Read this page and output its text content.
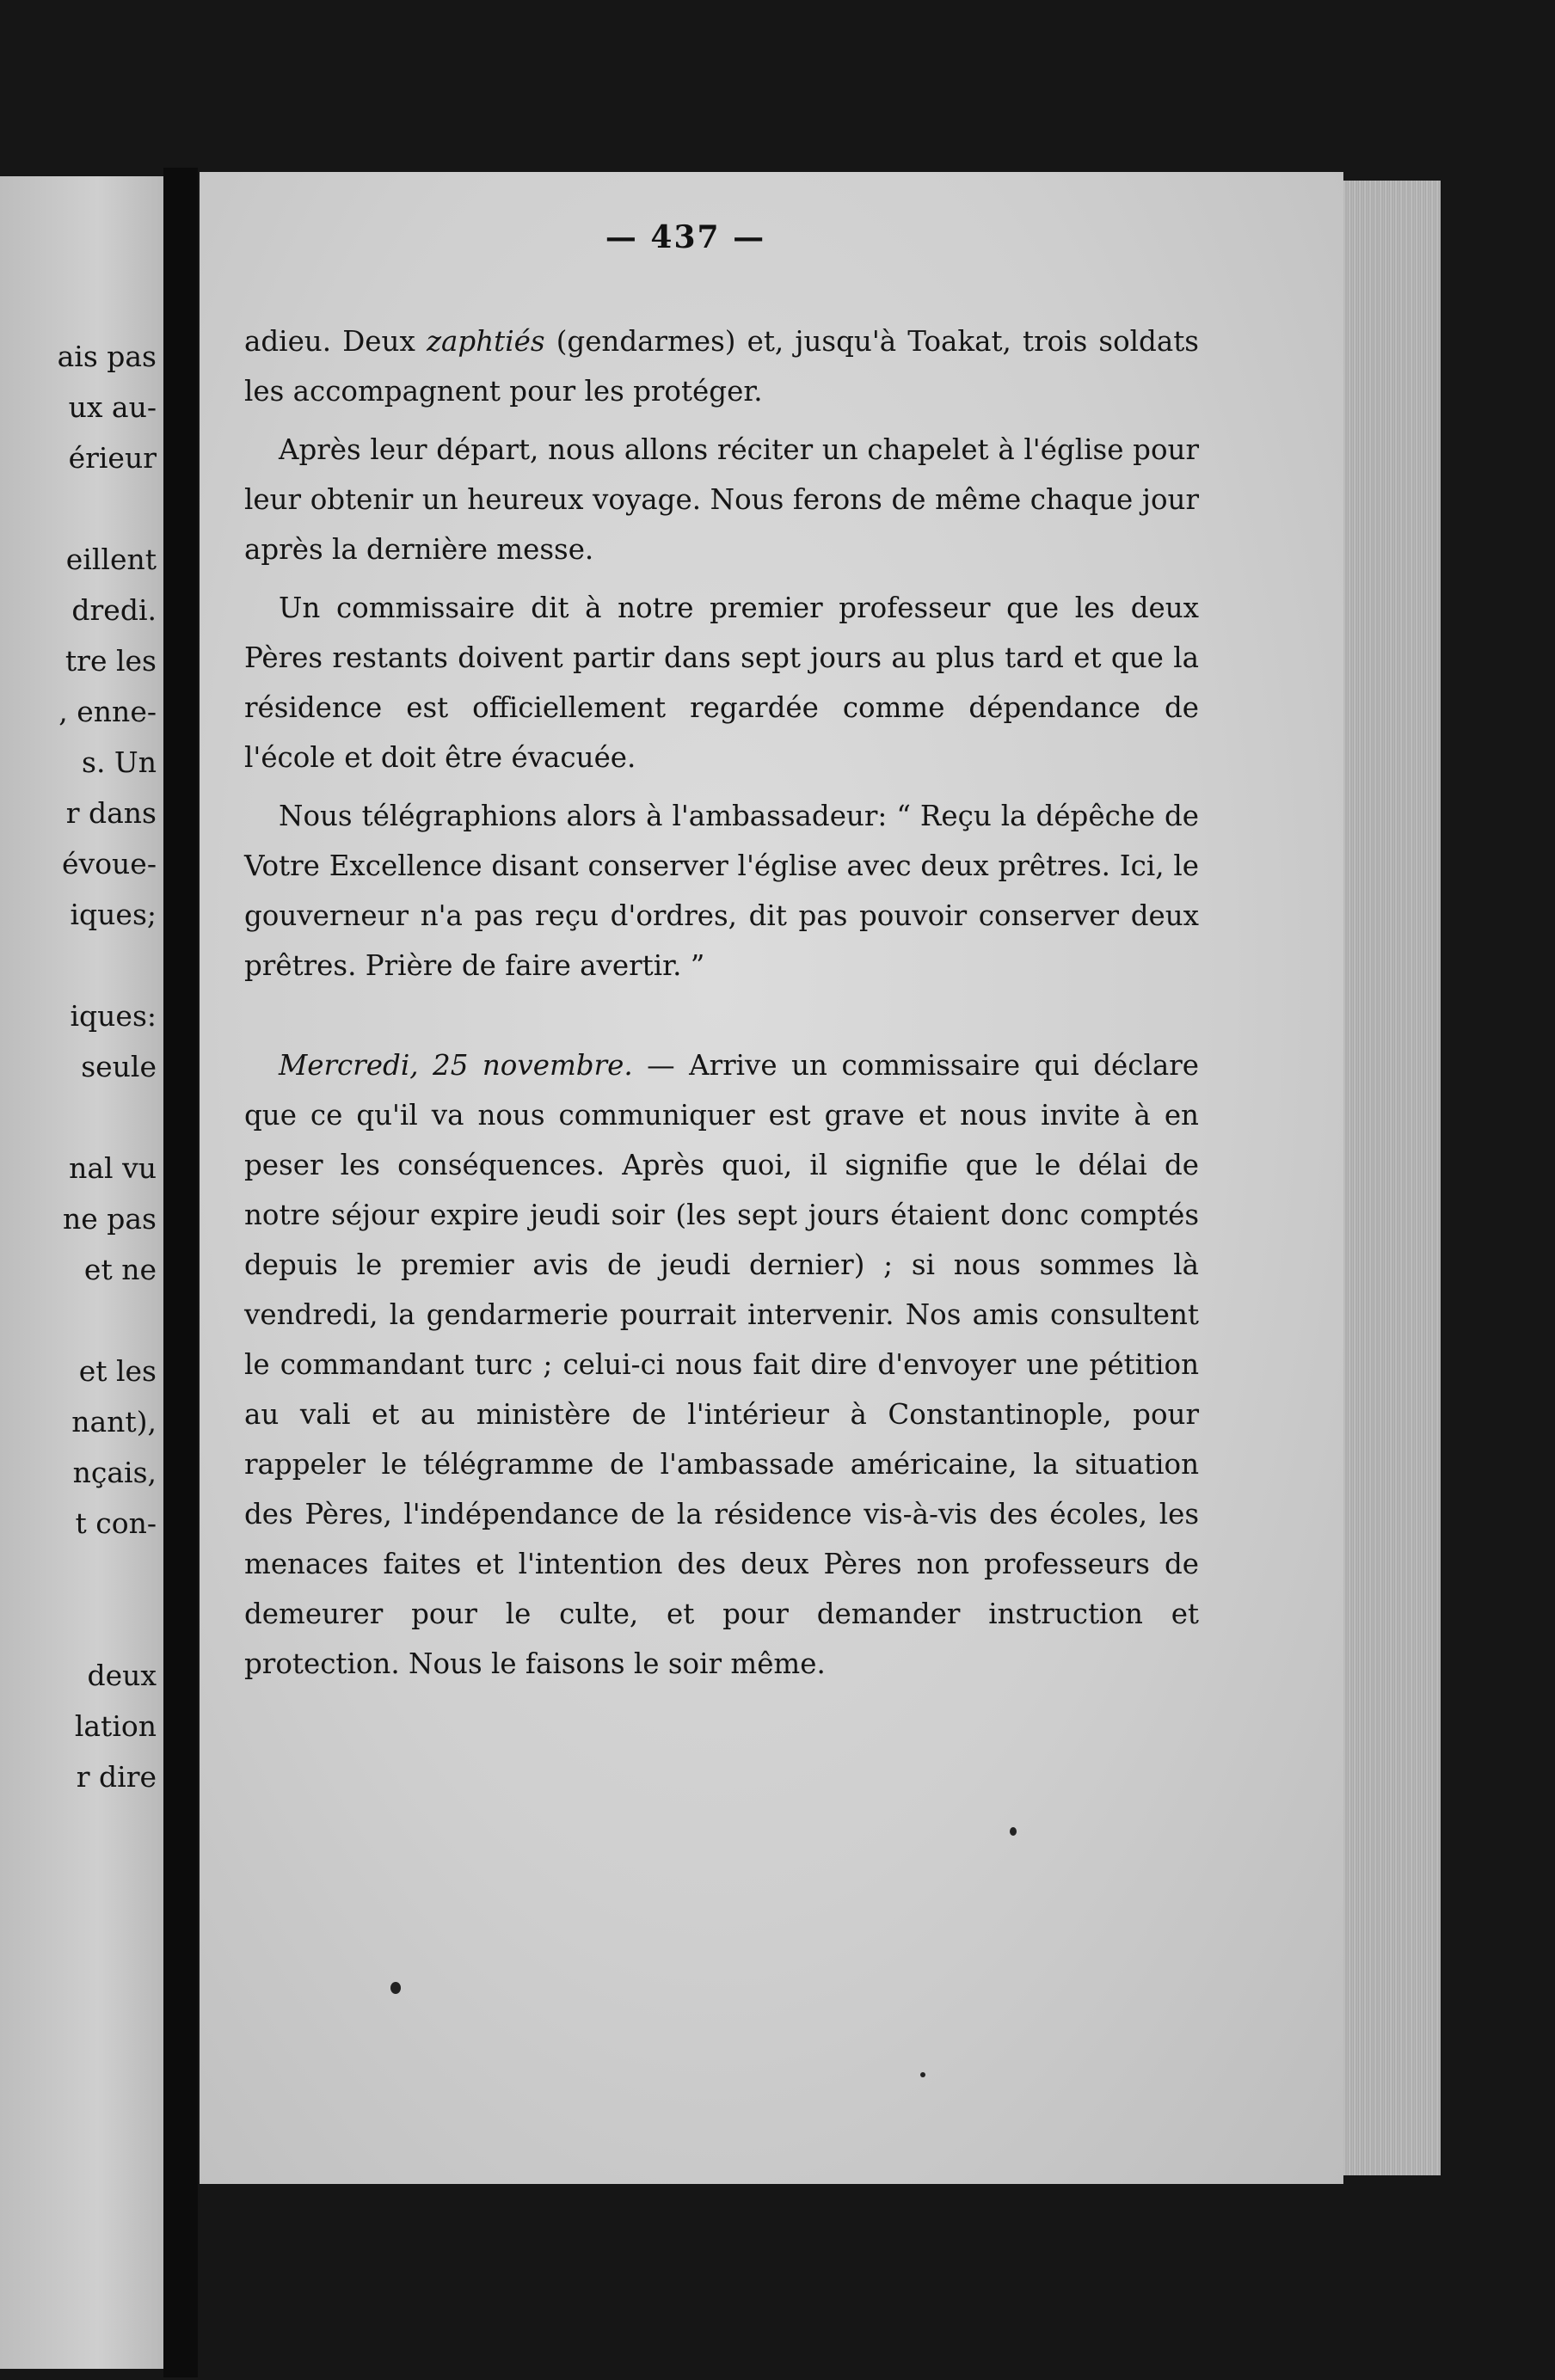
ais pas
ux au-
érieur
eillent
dredi.
tre les
, enne-
s. Un
r dans
évoue-
iques;
iques:
seule
nal vu
ne pas
et ne
et les
nant),
nçais,
t con-
deux
lation
r dire
— 437 —

adieu. Deux zaphtiés (gendarmes) et, jusqu'à Toakat, trois soldats les accompagnent pour les protéger.

Après leur départ, nous allons réciter un chapelet à l'église pour leur obtenir un heureux voyage. Nous ferons de même chaque jour après la dernière messe.

Un commissaire dit à notre premier professeur que les deux Pères restants doivent partir dans sept jours au plus tard et que la résidence est officiellement regardée comme dépendance de l'école et doit être évacuée.

Nous télégraphions alors à l'ambassadeur: “ Reçu la dépêche de Votre Excellence disant conserver l'église avec deux prêtres. Ici, le gouverneur n'a pas reçu d'ordres, dit pas pouvoir conserver deux prêtres. Prière de faire avertir. ”

Mercredi, 25 novembre. — Arrive un commissaire qui déclare que ce qu'il va nous communiquer est grave et nous invite à en peser les conséquences. Après quoi, il signifie que le délai de notre séjour expire jeudi soir (les sept jours étaient donc comptés depuis le premier avis de jeudi dernier) ; si nous sommes là vendredi, la gendarmerie pourrait intervenir. Nos amis consultent le commandant turc ; celui-ci nous fait dire d'envoyer une pétition au vali et au ministère de l'intérieur à Constantinople, pour rappeler le télégramme de l'ambassade américaine, la situation des Pères, l'indépendance de la résidence vis-à-vis des écoles, les menaces faites et l'intention des deux Pères non professeurs de demeurer pour le culte, et pour demander instruction et protection. Nous le faisons le soir même.
